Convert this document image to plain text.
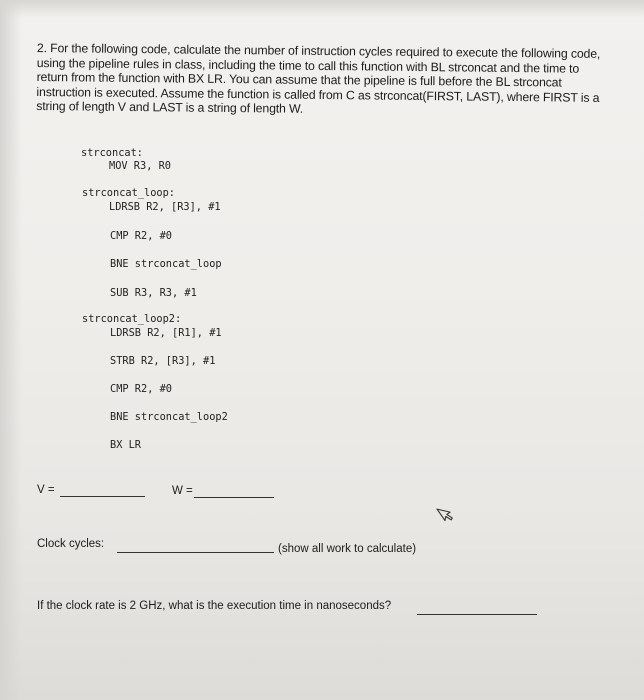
2. For the following code, calculate the number of instruction cycles required to execute the following code, using the pipeline rules in class, including the time to call this function with BL strconcat and the time to return from the function with BX LR. You can assume that the pipeline is full before the BL strconcat instruction is executed. Assume the function is called from C as strconcat(FIRST, LAST), where FIRST is a string of length V and LAST is a string of length W.
strconcat:
MOV R3, R0
strconcat_loop:
LDRSB R2, [R3], #1
CMP R2, #0
BNE strconcat_loop
SUB R3, R3, #1
strconcat_loop2:
LDRSB R2, [R1], #1
STRB R2, [R3], #1
CMP R2, #0
BNE strconcat_loop2
BX LR
V =	W =
Clock cycles:	(show all work to calculate)
If the clock rate is 2 GHz, what is the execution time in nanoseconds?
